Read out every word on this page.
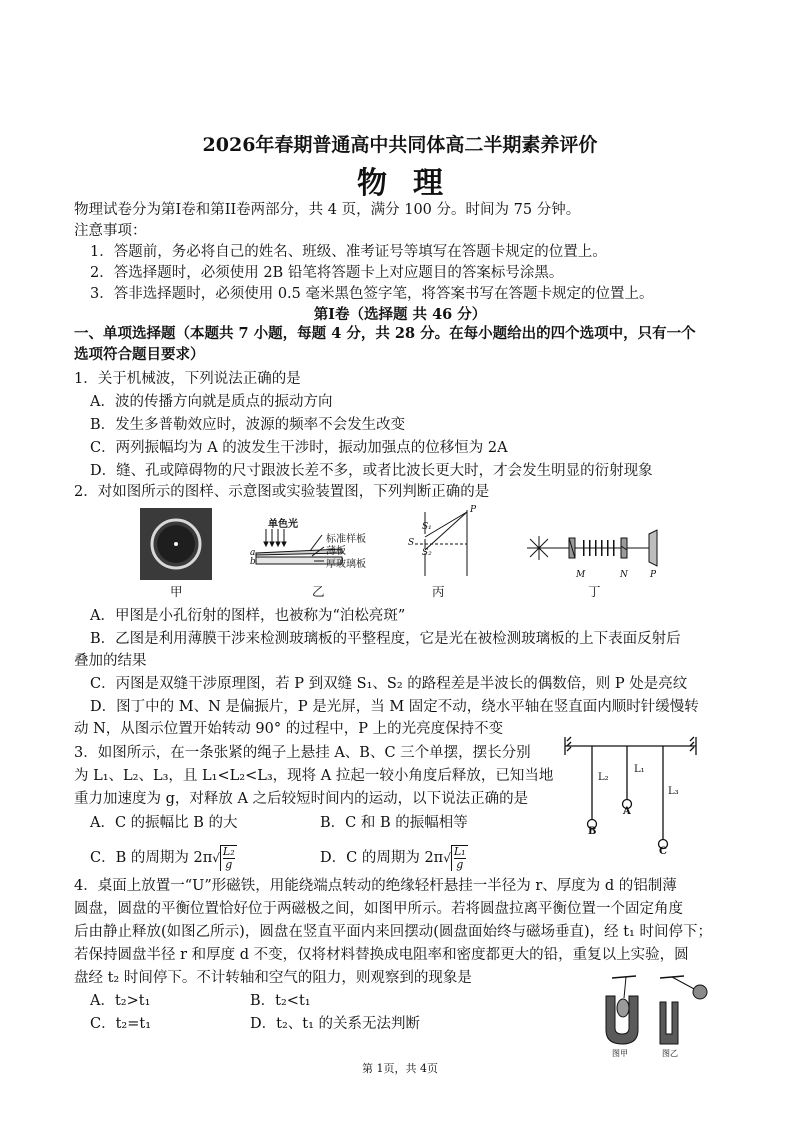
2026年春期普通高中共同体高二半期素养评价
物理
物理试卷分为第I卷和第II卷两部分，共 4 页，满分 100 分。时间为 75 分钟。
注意事项：
1．答题前，务必将自己的姓名、班级、准考证号等填写在答题卡规定的位置上。
2．答选择题时，必须使用 2B 铅笔将答题卡上对应题目的答案标号涂黑。
3．答非选择题时，必须使用 0.5 毫米黑色签字笔，将答案书写在答题卡规定的位置上。
第I卷（选择题 共 46 分）
一、单项选择题（本题共 7 小题，每题 4 分，共 28 分。在每小题给出的四个选项中，只有一个
选项符合题目要求）
1．关于机械波，下列说法正确的是
A．波的传播方向就是质点的振动方向
B．发生多普勒效应时，波源的频率不会发生改变
C．两列振幅均为 A 的波发生干涉时，振动加强点的位移恒为 2A
D．缝、孔或障碍物的尺寸跟波长差不多，或者比波长更大时，才会发生明显的衍射现象
2．对如图所示的图样、示意图或实验装置图，下列判断正确的是
甲
单色光
标准样板
薄板
厚玻璃板
a
b
乙
S₁
S
S₂
P
丙
M	N P
丁
A．甲图是小孔衍射的图样，也被称为“泊松亮斑”
B．乙图是利用薄膜干涉来检测玻璃板的平整程度，它是光在被检测玻璃板的上下表面反射后
叠加的结果
C．丙图是双缝干涉原理图，若 P 到双缝 S₁、S₂ 的路程差是半波长的偶数倍，则 P 处是亮纹
D．图丁中的 M、N 是偏振片，P 是光屏，当 M 固定不动，绕水平轴在竖直面内顺时针缓慢转
动 N，从图示位置开始转动 90° 的过程中，P 上的光亮度保持不变
3．如图所示，在一条张紧的绳子上悬挂 A、B、C 三个单摆，摆长分别
为 L₁、L₂、L₃，且 L₁<L₂<L₃，现将 A 拉起一较小角度后释放，已知当地
重力加速度为 g，对释放 A 之后较短时间内的运动，以下说法正确的是
A．C 的振幅比 B 的大	B．C 和 B 的振幅相等
C．B 的周期为 $2\pi√ \frac{\text{L₂}}{g}$	D．C 的周期为 $2\pi√ \frac{\text{L₁}}{g}$
L₂
L₁
L₃
A
B
C
4．桌面上放置一“U”形磁铁，用能绕端点转动的绝缘轻杆悬挂一半径为 r、厚度为 d 的铝制薄
圆盘，圆盘的平衡位置恰好位于两磁极之间，如图甲所示。若将圆盘拉离平衡位置一个固定角度
后由静止释放(如图乙所示)，圆盘在竖直平面内来回摆动(圆盘面始终与磁场垂直)，经 t₁ 时间停下；
若保持圆盘半径 r 和厚度 d 不变，仅将材料替换成电阻率和密度都更大的铅，重复以上实验，圆
盘经 t₂ 时间停下。不计转轴和空气的阻力，则观察到的现象是
A．t₂>t₁	B．t₂<t₁
C．t₂=t₁	D．t₂、t₁ 的关系无法判断
图甲	图乙
第 1页，共 4页
